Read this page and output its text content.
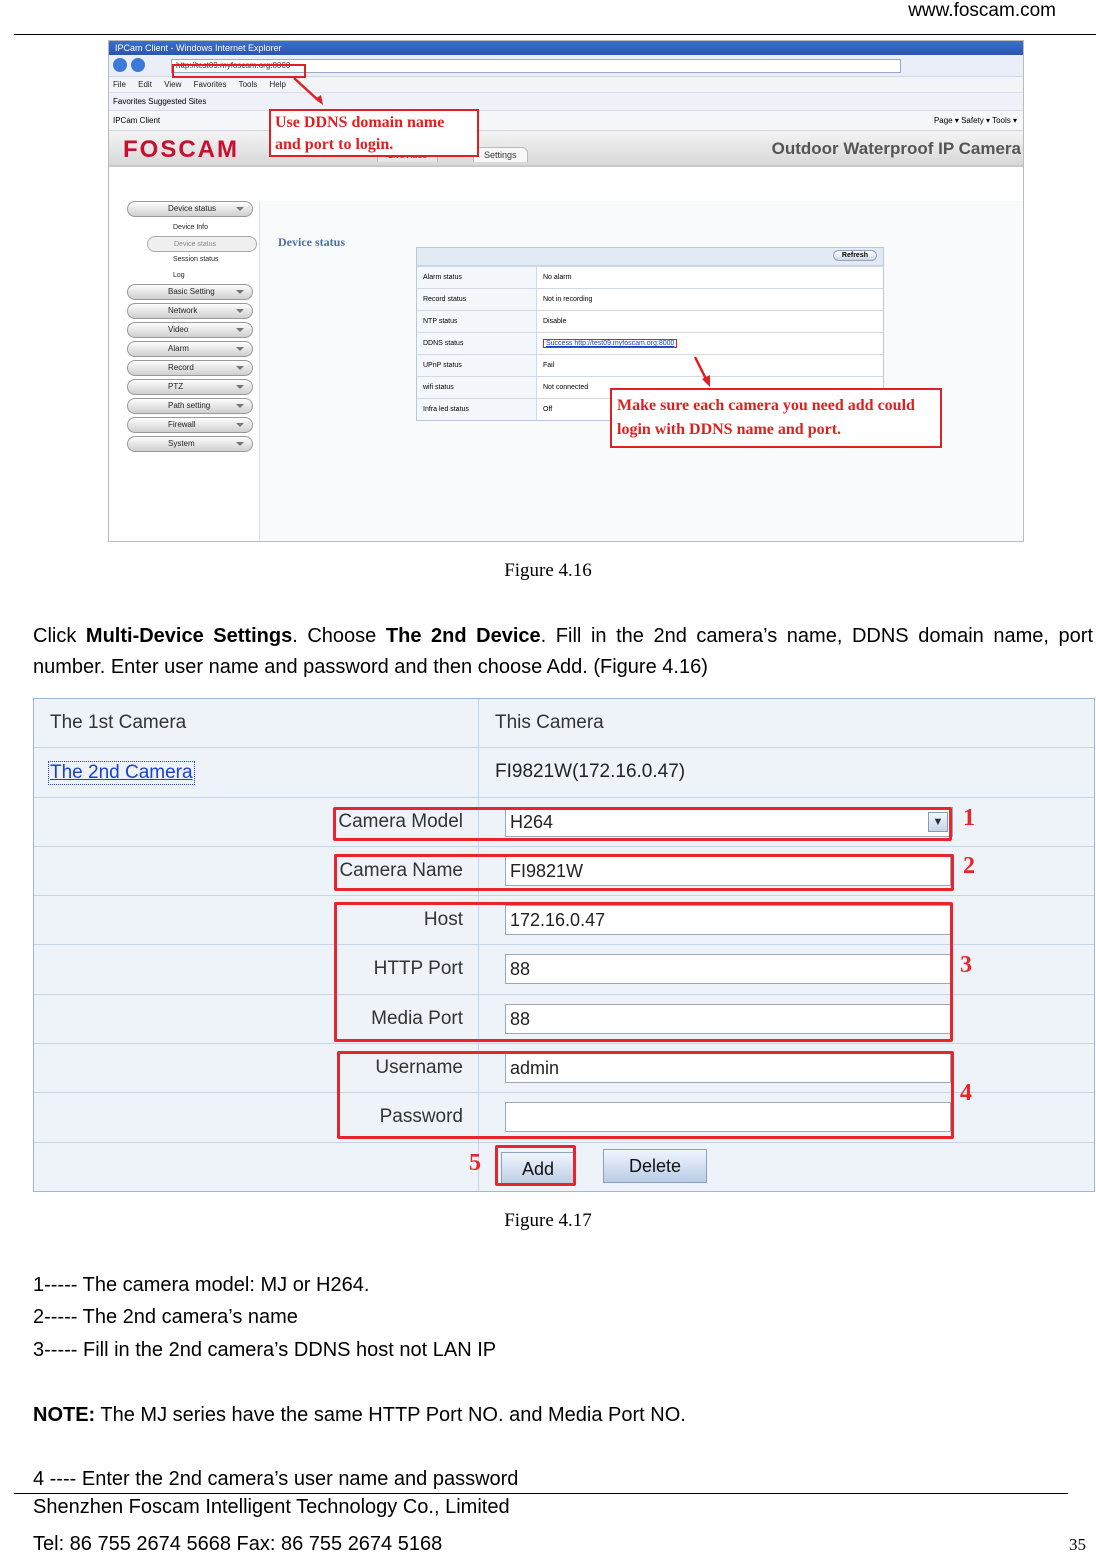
www.foscam.com
IPCam Client - Windows Internet Explorer
http://test09.myfoscam.org:8000
File Edit View Favorites Tools Help
Favorites Suggested Sites
IPCam Client	Page ▾ Safety ▾ Tools ▾
FOSCAM	Settings	Outdoor Waterproof IP Camera
Device status
Device Info
Device status
Session status
Log
Basic Setting
Network
Video
Alarm
Record
PTZ
Path setting
Firewall
System
Device status
Refresh
Alarm status	No alarm
Record status	Not in recording
NTP status	Disable
DDNS status	Success http://test09.myfoscam.org:8000
UPnP status	Fail
wifi status	Not connected
Infra led status	Off
Use DDNS domain name and port to login.
Make sure each camera you need add could login with DDNS name and port.
Figure 4.16
Click Multi-Device Settings. Choose The 2nd Device. Fill in the 2nd camera’s name, DDNS domain name, port number. Enter user name and password and then choose Add. (Figure 4.16)
The 1st Camera	This Camera
The 2nd Camera	FI9821W(172.16.0.47)
Camera Model	H264	▼
Camera Name	FI9821W
Host	172.16.0.47
HTTP Port	88
Media Port	88
Username	admin
Password
Add	Delete
1
2
3
4
5
Figure 4.17
1----- The camera model: MJ or H264.
2----- The 2nd camera’s name
3----- Fill in the 2nd camera’s DDNS host not LAN IP
NOTE: The MJ series have the same HTTP Port NO. and Media Port NO.
4 ---- Enter the 2nd camera’s user name and password
Shenzhen Foscam Intelligent Technology Co., Limited
Tel: 86 755 2674 5668 Fax: 86 755 2674 5168	35
